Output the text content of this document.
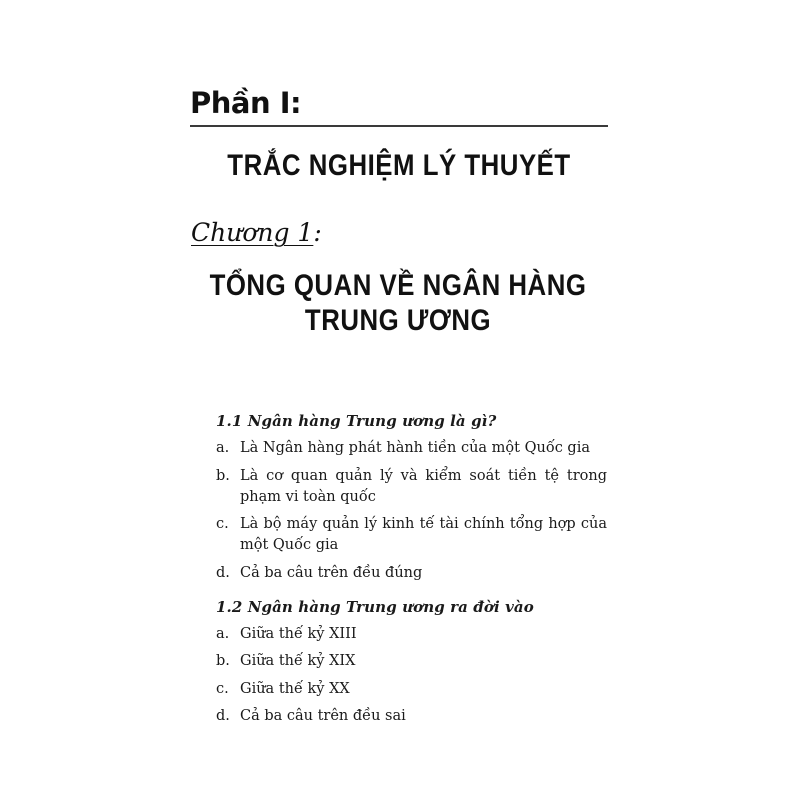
Phần I:
TRẮC NGHIỆM LÝ THUYẾT
Chương 1:
TỔNG QUAN VỀ NGÂN HÀNG
TRUNG ƯƠNG

1.1 Ngân hàng Trung ương là gì?

a. Là Ngân hàng phát hành tiền của một Quốc gia
b. Là cơ quan quản lý và kiểm soát tiền tệ trong phạm vi toàn quốc
c. Là bộ máy quản lý kinh tế tài chính tổng hợp của một Quốc gia
d. Cả ba câu trên đều đúng

1.2 Ngân hàng Trung ương ra đời vào

a. Giữa thế kỷ XIII
b. Giữa thế kỷ XIX
c. Giữa thế kỷ XX
d. Cả ba câu trên đều sai
